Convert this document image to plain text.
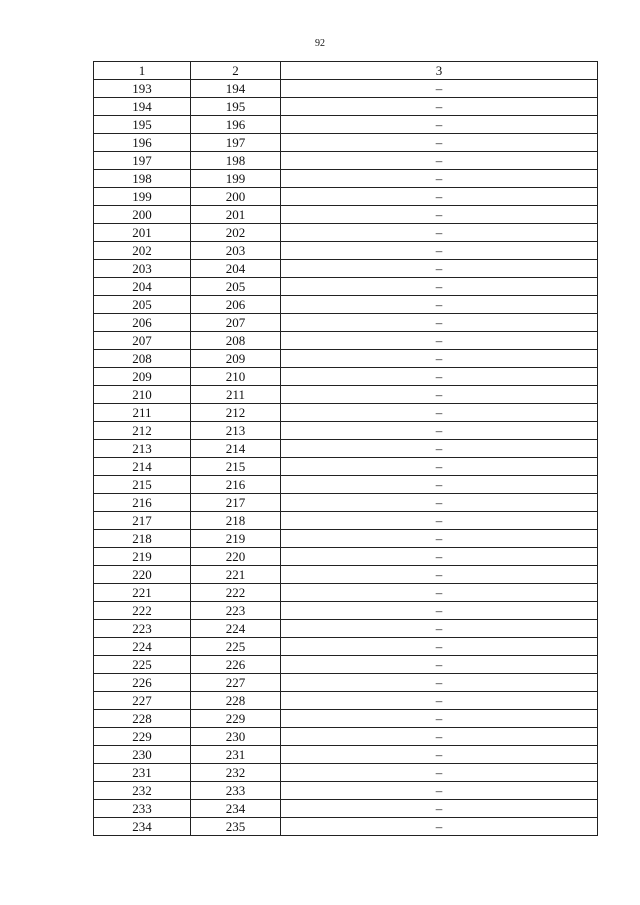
92
1	2	3
193	194	–
194	195	–
195	196	–
196	197	–
197	198	–
198	199	–
199	200	–
200	201	–
201	202	–
202	203	–
203	204	–
204	205	–
205	206	–
206	207	–
207	208	–
208	209	–
209	210	–
210	211	–
211	212	–
212	213	–
213	214	–
214	215	–
215	216	–
216	217	–
217	218	–
218	219	–
219	220	–
220	221	–
221	222	–
222	223	–
223	224	–
224	225	–
225	226	–
226	227	–
227	228	–
228	229	–
229	230	–
230	231	–
231	232	–
232	233	–
233	234	–
234	235	–
